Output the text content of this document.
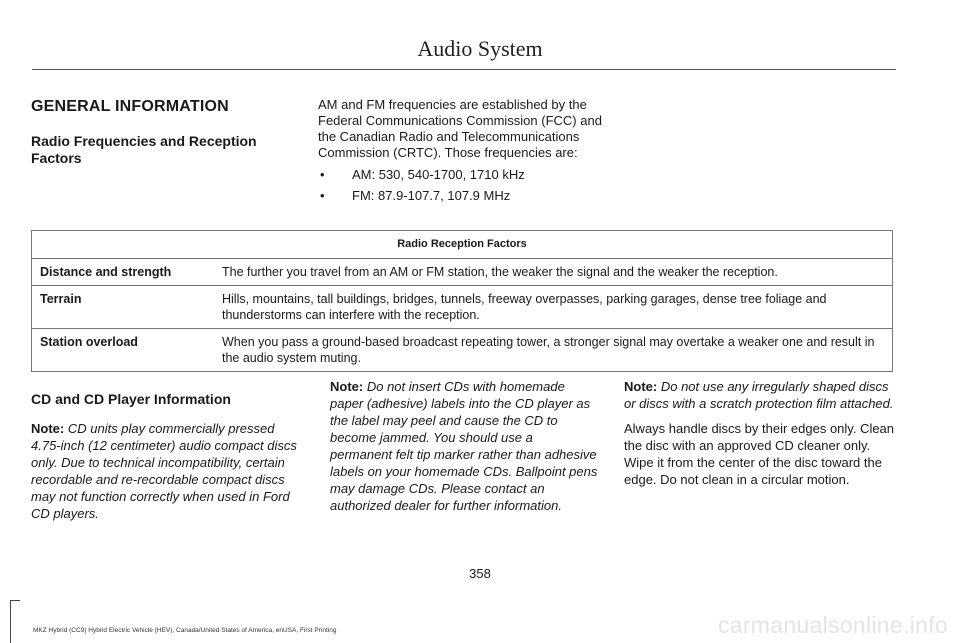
Audio System
GENERAL INFORMATION
Radio Frequencies and Reception Factors

AM and FM frequencies are established by the Federal Communications Commission (FCC) and the Canadian Radio and Telecommunications Commission (CRTC). Those frequencies are:

• AM: 530, 540-1700, 1710 kHz
• FM: 87.9-107.7, 107.9 MHz
Radio Reception Factors	
Distance and strength	The further you travel from an AM or FM station, the weaker the signal and the weaker the reception.
Terrain	Hills, mountains, tall buildings, bridges, tunnels, freeway overpasses, parking garages, dense tree foliage and thunderstorms can interfere with the reception.
Station overload	When you pass a ground-based broadcast repeating tower, a stronger signal may overtake a weaker one and result in the audio system muting.
CD and CD Player Information

Note: CD units play commercially pressed 4.75-inch (12 centimeter) audio compact discs only. Due to technical incompatibility, certain recordable and re-recordable compact discs may not function correctly when used in Ford CD players.

Note: Do not insert CDs with homemade paper (adhesive) labels into the CD player as the label may peel and cause the CD to become jammed. You should use a permanent felt tip marker rather than adhesive labels on your homemade CDs. Ballpoint pens may damage CDs. Please contact an authorized dealer for further information.

Note: Do not use any irregularly shaped discs or discs with a scratch protection film attached.

Always handle discs by their edges only. Clean the disc with an approved CD cleaner only. Wipe it from the center of the disc toward the edge. Do not clean in a circular motion.

358
MKZ Hybrid (CC9) Hybrid Electric Vehicle (HEV), Canada/United States of America, enUSA, First Printing	carmanualsonline.info
